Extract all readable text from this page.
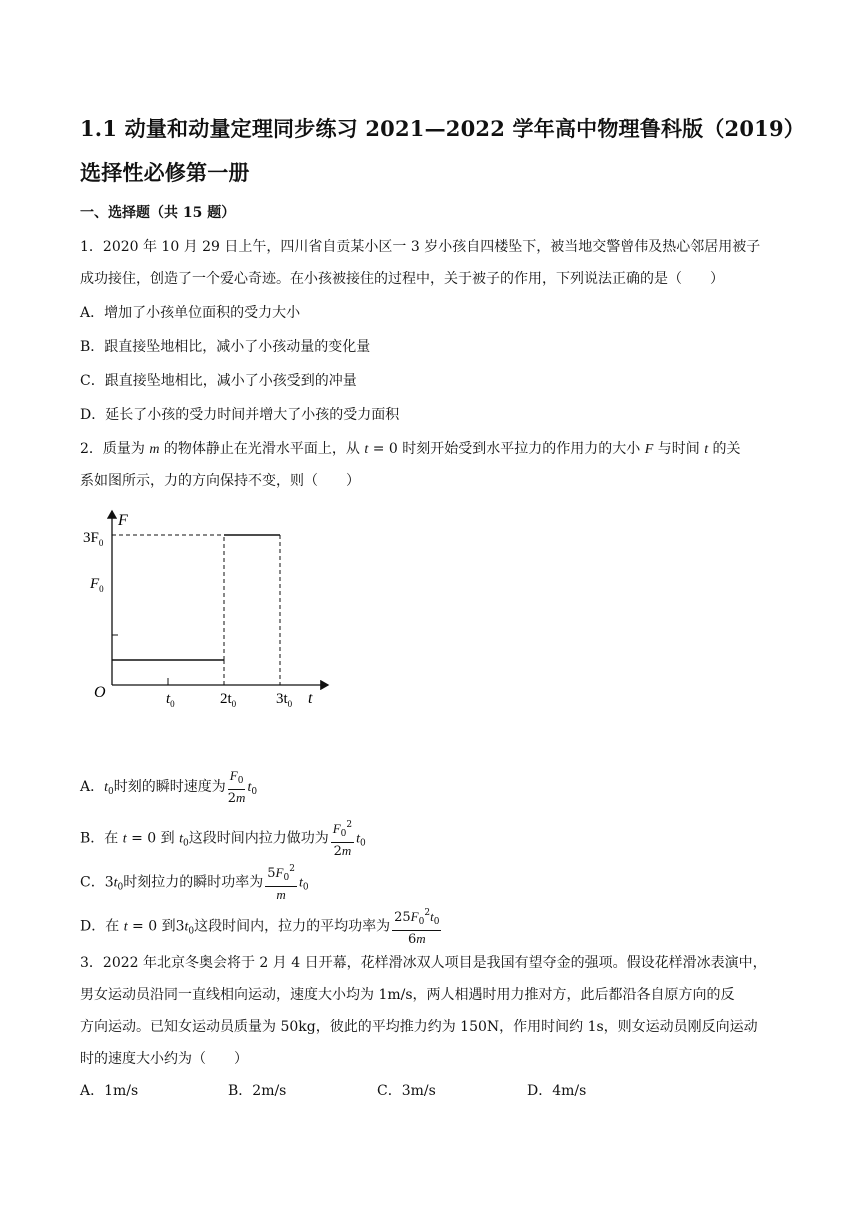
1.1 动量和动量定理同步练习 2021—2022 学年高中物理鲁科版（2019）
选择性必修第一册
一、选择题（共 15 题）
1．2020 年 10 月 29 日上午，四川省自贡某小区一 3 岁小孩自四楼坠下，被当地交警曾伟及热心邻居用被子
成功接住，创造了一个爱心奇迹。在小孩被接住的过程中，关于被子的作用，下列说法正确的是（　　）
A．增加了小孩单位面积的受力大小
B．跟直接坠地相比，减小了小孩动量的变化量
C．跟直接坠地相比，减小了小孩受到的冲量
D．延长了小孩的受力时间并增大了小孩的受力面积
2．质量为 m 的物体静止在光滑水平面上，从 t = 0 时刻开始受到水平拉力的作用力的大小 F 与时间 t 的关
系如图所示，力的方向保持不变，则（　　）
F
t
O
$3F_0$
$F_0$
$t_0$	$2t_0$	$3t_0$
A．$t_0$时刻的瞬时速度为 $\frac{F_0}{2m} t_0$
B．在 t = 0 到 $t_0$这段时间内拉力做功为 $\frac{F_0^2}{2m} t_0$
C．$3t_0$时刻拉力的瞬时功率为 $\frac{5F_0^2}{m} t_0$
D．在 t = 0 到$3t_0$这段时间内，拉力的平均功率为 $\frac{25F_0^2t_0}{6m}$
3．2022 年北京冬奥会将于 2 月 4 日开幕，花样滑冰双人项目是我国有望夺金的强项。假设花样滑冰表演中，
男女运动员沿同一直线相向运动，速度大小均为 1m/s，两人相遇时用力推对方，此后都沿各自原方向的反
方向运动。已知女运动员质量为 50kg，彼此的平均推力约为 150N，作用时间约 1s，则女运动员刚反向运动
时的速度大小约为（　　）
A．1m/s	B．2m/s	C．3m/s	D．4m/s
